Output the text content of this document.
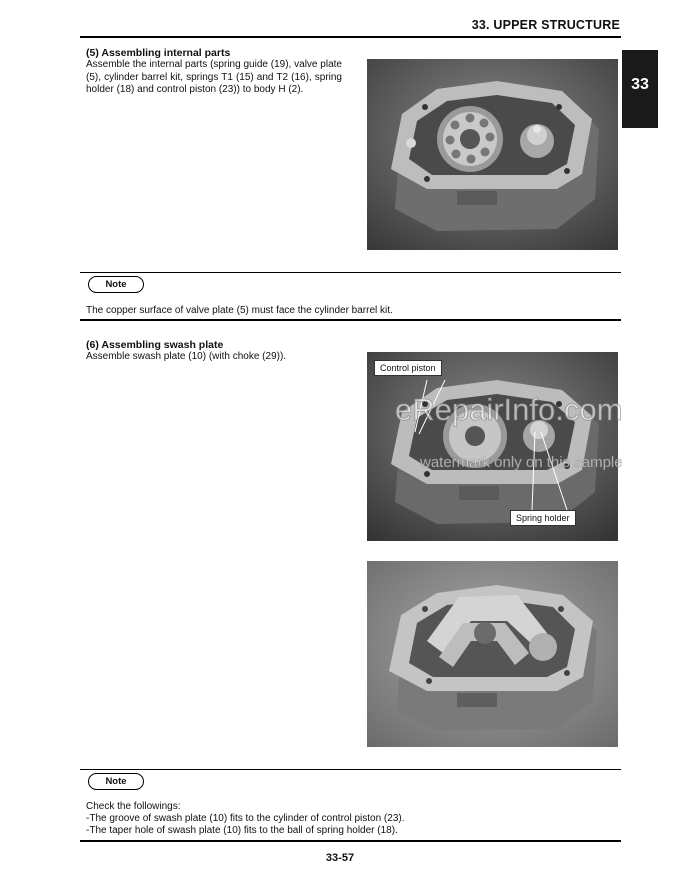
33. UPPER STRUCTURE
33
(5) Assembling internal parts
Assemble the internal parts (spring guide (19), valve plate (5), cylinder barrel kit, springs T1 (15) and T2 (16), spring holder (18) and control piston (23)) to body H (2).
Note
The copper surface of valve plate (5) must face the cylinder barrel kit.
(6) Assembling swash plate
Assemble swash plate (10) (with choke (29)).
Control piston
Spring holder
eRepairInfo.com
watermark only on this sample
Note
Check the followings:
-The groove of swash plate (10) fits to the cylinder of control piston (23).
-The taper hole of swash plate (10) fits to the ball of spring holder (18).
33-57
